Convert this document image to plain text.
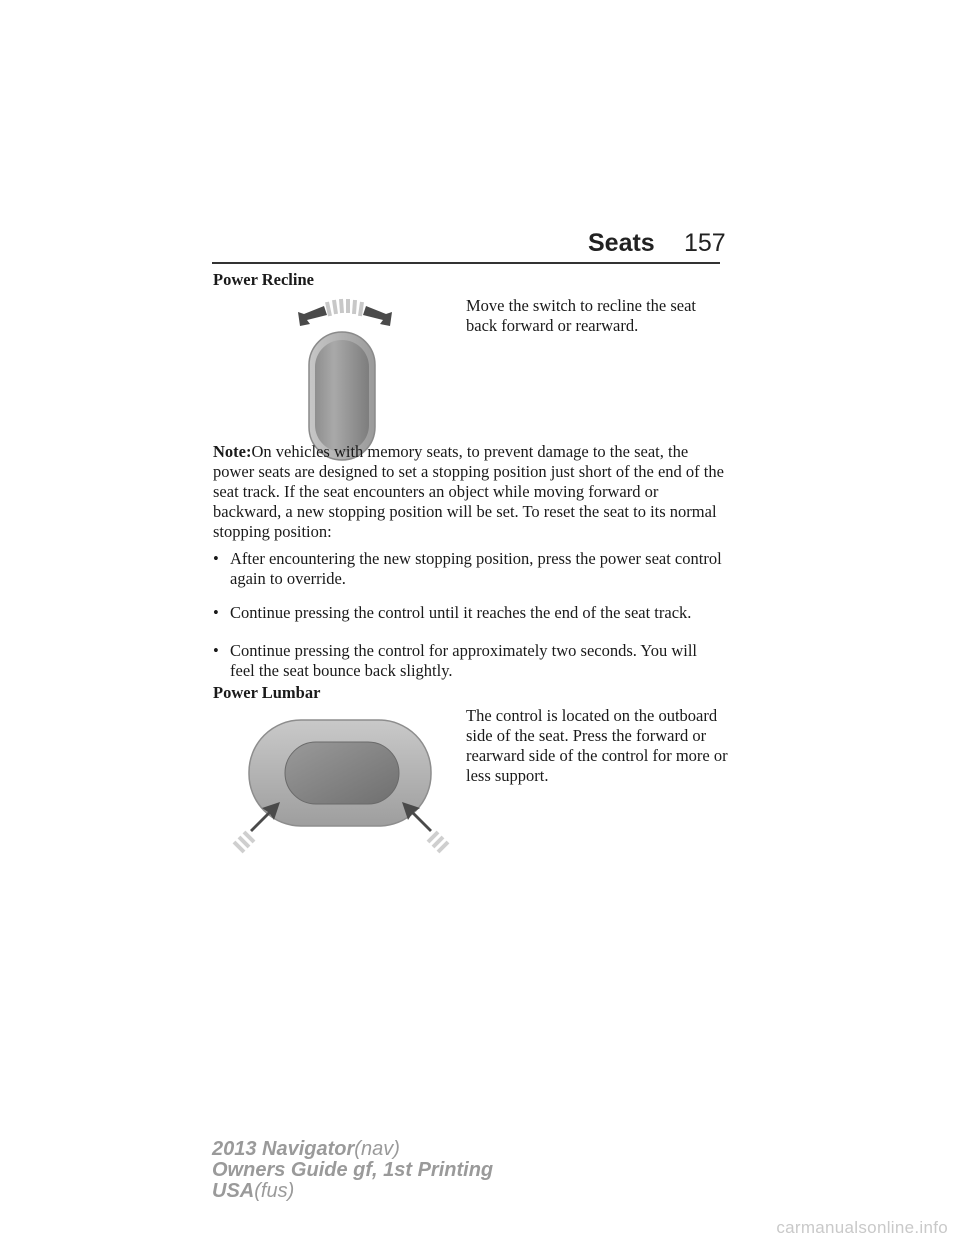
Seats 157
Power Recline
Move the switch to recline the seat back forward or rearward.
Note:On vehicles with memory seats, to prevent damage to the seat, the power seats are designed to set a stopping position just short of the end of the seat track. If the seat encounters an object while moving forward or backward, a new stopping position will be set. To reset the seat to its normal stopping position:
• After encountering the new stopping position, press the power seat control again to override.
• Continue pressing the control until it reaches the end of the seat track.
• Continue pressing the control for approximately two seconds. You will feel the seat bounce back slightly.
Power Lumbar
The control is located on the outboard side of the seat. Press the forward or rearward side of the control for more or less support.
2013 Navigator(nav)
Owners Guide gf, 1st Printing
USA(fus)
carmanualsonline.info
